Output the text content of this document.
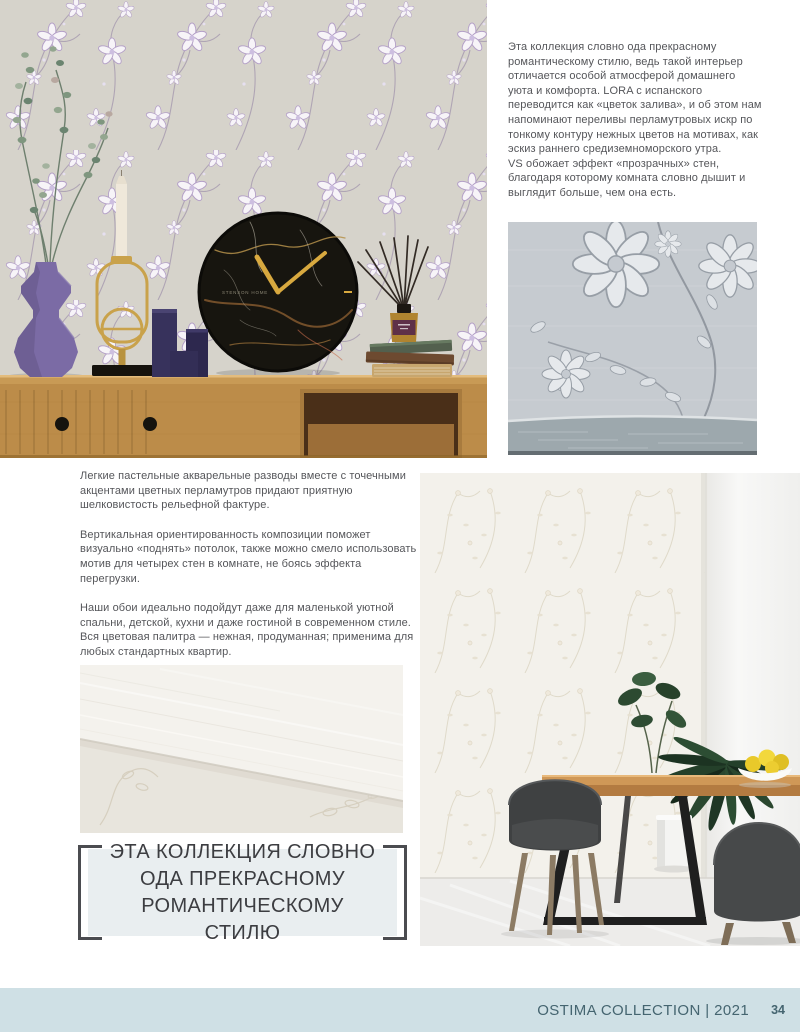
STENSON HOME

Эта коллекция словно ода прекрасному романтическому стилю, ведь такой интерьер отличается особой атмосферой домашнего уюта и комфорта. LORA с испанского переводится как «цветок залива», и об этом нам напоминают переливы перламутровых искр по тонкому контуру нежных цветов на мотивах, как эскиз раннего средиземноморского утра.

VS обожает эффект «прозрачных» стен, благодаря которому комната словно дышит и выглядит больше, чем она есть.

Легкие пастельные акварельные разводы вместе с точечными акцентами цветных перламутров придают приятную шелковистость рельефной фактуре.

Вертикальная ориентированность композиции поможет визуально «поднять» потолок, также можно смело использовать мотив для четырех стен в комнате, не боясь эффекта перегрузки.

Наши обои идеально подойдут даже для маленькой уютной спальни, детской, кухни и даже гостиной в современном стиле. Вся цветовая палитра — нежная, продуманная; применима для любых стандартных квартир.

ЭТА КОЛЛЕКЦИЯ СЛОВНО ОДА ПРЕКРАСНОМУ РОМАНТИЧЕСКОМУ СТИЛЮ
OSTIMA COLLECTION | 2021 34
